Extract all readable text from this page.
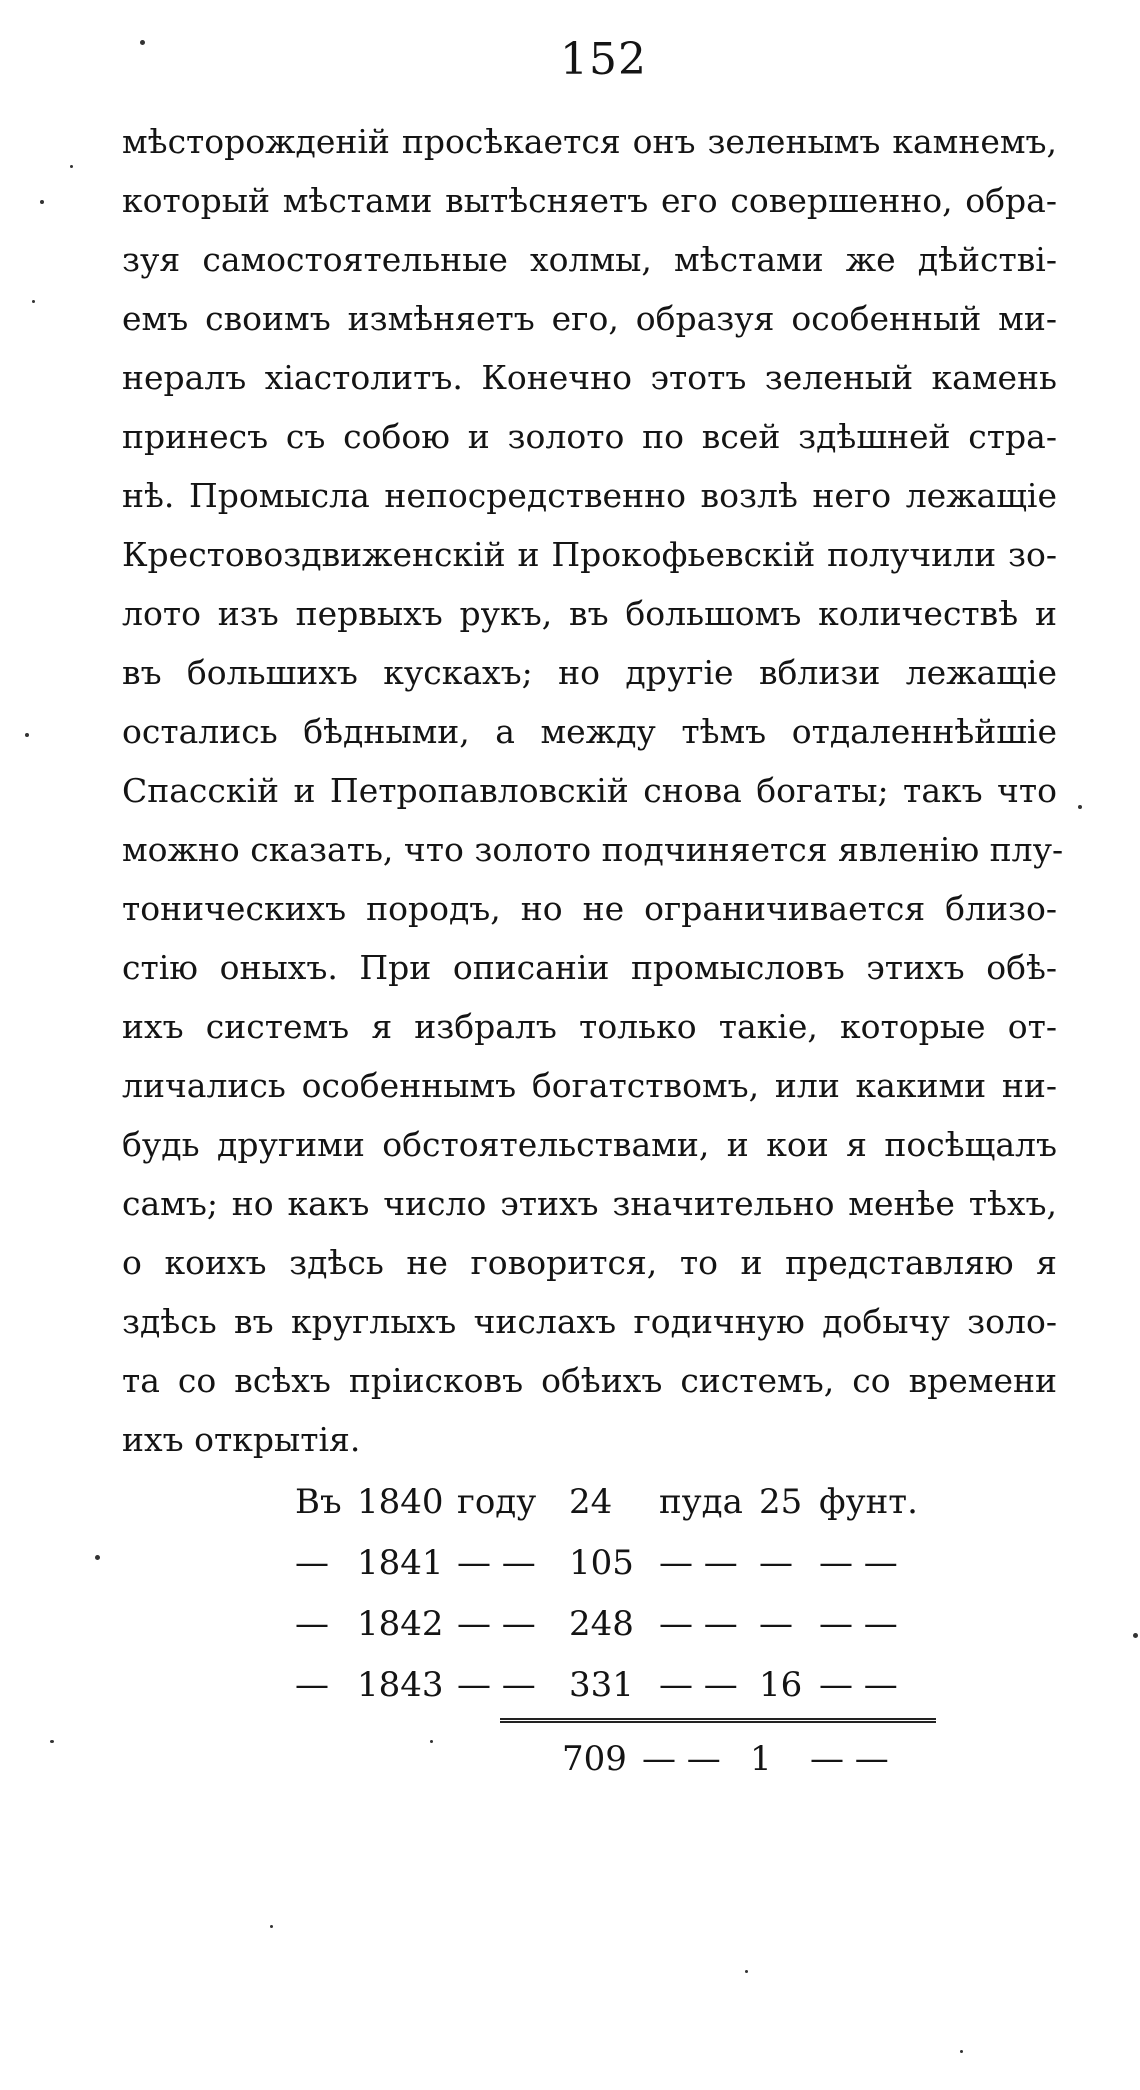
152
мѣсторожденій просѣкается онъ зеленымъ камнемъ,
который мѣстами вытѣсняетъ его совершенно, обра-
зуя самостоятельные холмы, мѣстами же дѣйстві-
емъ своимъ измѣняетъ его, образуя особенный ми-
нералъ хіастолитъ. Конечно этотъ зеленый камень
принесъ съ собою и золото по всей здѣшней стра-
нѣ. Промысла непосредственно возлѣ него лежащіе
Крестовоздвиженскій и Прокофьевскій получили зо-
лото изъ первыхъ рукъ, въ большомъ количествѣ и
въ большихъ кускахъ; но другіе вблизи лежащіе
остались бѣдными, а между тѣмъ отдаленнѣйшіе
Спасскій и Петропавловскій снова богаты; такъ что
можно сказать, что золото подчиняется явленію плу-
тоническихъ породъ, но не ограничивается близо-
стію оныхъ. При описаніи промысловъ этихъ обѣ-
ихъ системъ я избралъ только такіе, которые от-
личались особеннымъ богатствомъ, или какими ни-
будь другими обстоятельствами, и кои я посѣщалъ
самъ; но какъ число этихъ значительно менѣе тѣхъ,
о коихъ здѣсь не говорится, то и представляю я
здѣсь въ круглыхъ числахъ годичную добычу золо-
та со всѣхъ пріисковъ обѣихъ системъ, со времени
ихъ открытія.
Въ 1840 году 24 пуда 25 фунт.
— 1841 — — 105 — — — — —
— 1842 — — 248 — — — — —
— 1843 — — 331 — — 16 — —
709 — — 1 — —
